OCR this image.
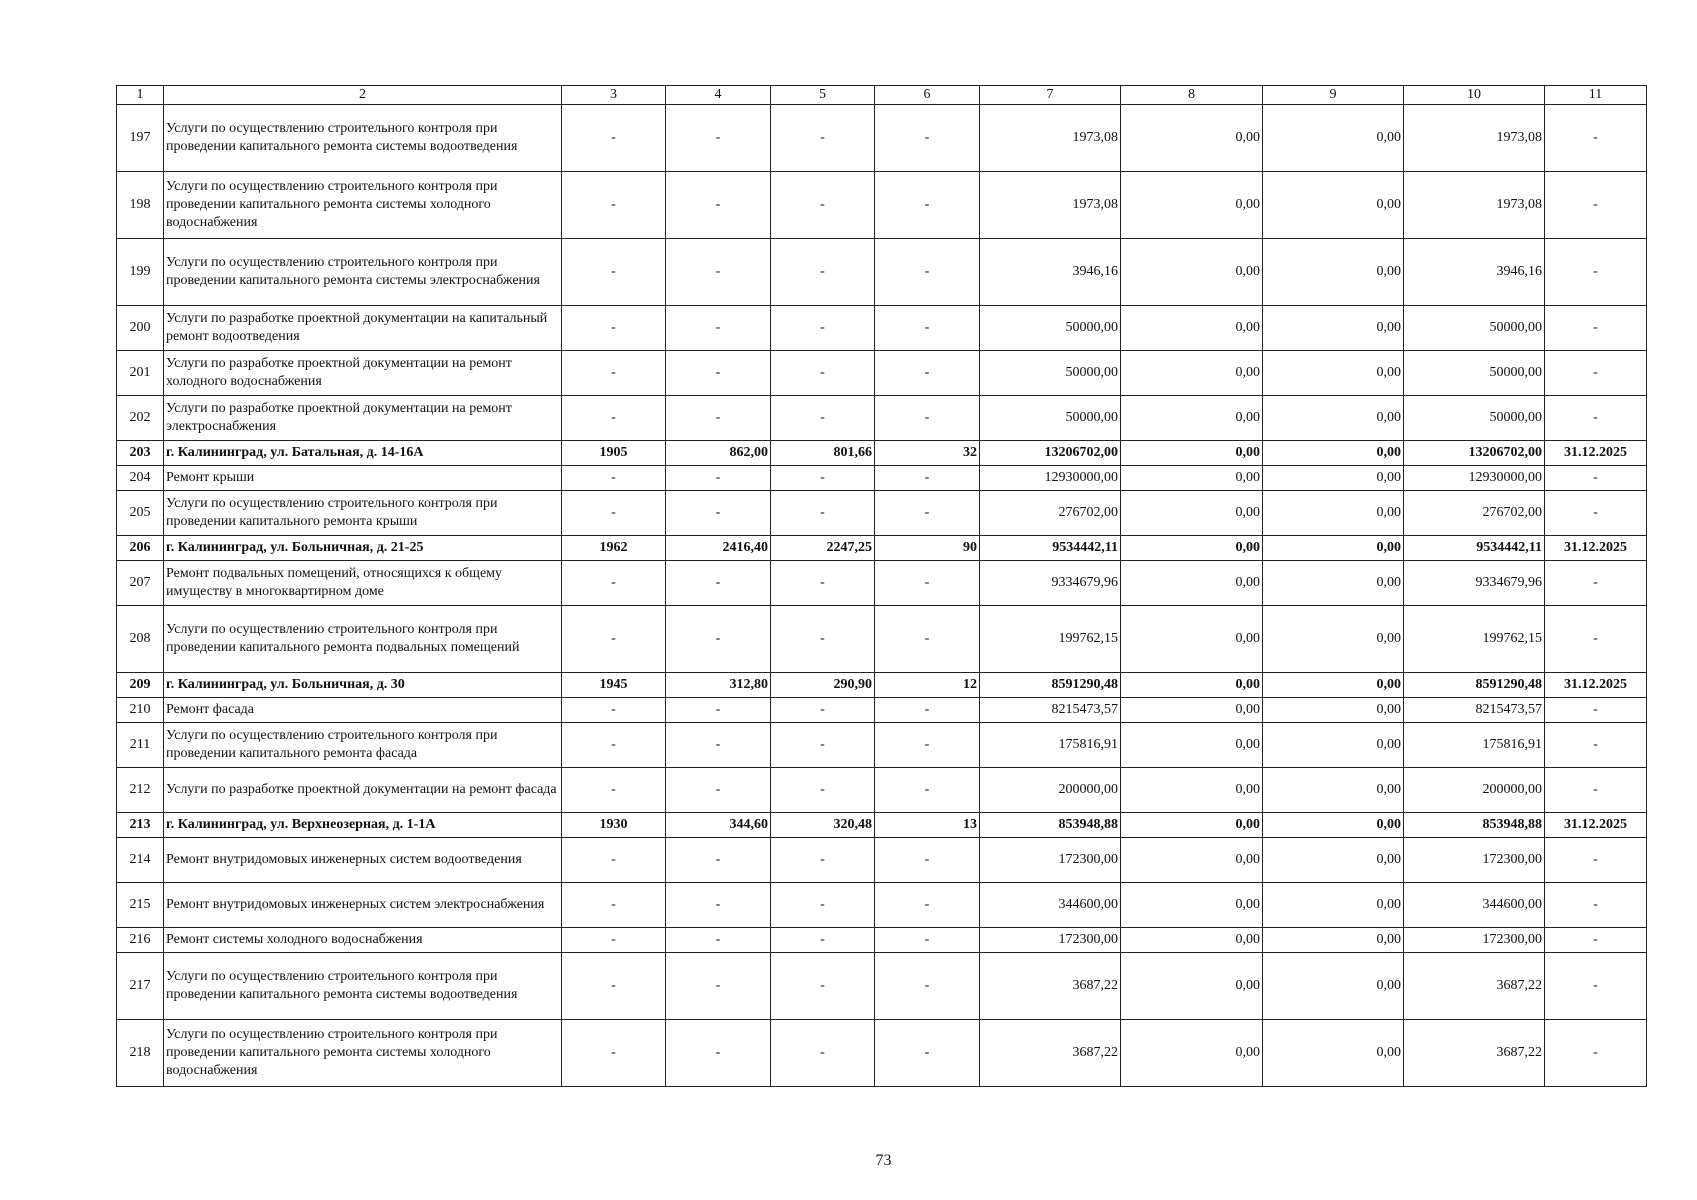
1	2	3	4	5	6	7	8	9	10	11
197	Услуги по осуществлению строительного контроля при проведении капитального ремонта системы водоотведения	-	-	-	-	1973,08	0,00	0,00	1973,08	-
198	Услуги по осуществлению строительного контроля при проведении капитального ремонта системы холодного водоснабжения	-	-	-	-	1973,08	0,00	0,00	1973,08	-
199	Услуги по осуществлению строительного контроля при проведении капитального ремонта системы электроснабжения	-	-	-	-	3946,16	0,00	0,00	3946,16	-
200	Услуги по разработке проектной документации на капитальный ремонт водоотведения	-	-	-	-	50000,00	0,00	0,00	50000,00	-
201	Услуги по разработке проектной документации на ремонт холодного водоснабжения	-	-	-	-	50000,00	0,00	0,00	50000,00	-
202	Услуги по разработке проектной документации на ремонт электроснабжения	-	-	-	-	50000,00	0,00	0,00	50000,00	-
203	г. Калининград, ул. Батальная, д. 14-16А	1905	862,00	801,66	32	13206702,00	0,00	0,00	13206702,00	31.12.2025
204	Ремонт крыши	-	-	-	-	12930000,00	0,00	0,00	12930000,00	-
205	Услуги по осуществлению строительного контроля при проведении капитального ремонта крыши	-	-	-	-	276702,00	0,00	0,00	276702,00	-
206	г. Калининград, ул. Больничная, д. 21-25	1962	2416,40	2247,25	90	9534442,11	0,00	0,00	9534442,11	31.12.2025
207	Ремонт подвальных помещений, относящихся к общему имуществу в многоквартирном доме	-	-	-	-	9334679,96	0,00	0,00	9334679,96	-
208	Услуги по осуществлению строительного контроля при проведении капитального ремонта подвальных помещений	-	-	-	-	199762,15	0,00	0,00	199762,15	-
209	г. Калининград, ул. Больничная, д. 30	1945	312,80	290,90	12	8591290,48	0,00	0,00	8591290,48	31.12.2025
210	Ремонт фасада	-	-	-	-	8215473,57	0,00	0,00	8215473,57	-
211	Услуги по осуществлению строительного контроля при проведении капитального ремонта фасада	-	-	-	-	175816,91	0,00	0,00	175816,91	-
212	Услуги по разработке проектной документации на ремонт фасада	-	-	-	-	200000,00	0,00	0,00	200000,00	-
213	г. Калининград, ул. Верхнеозерная, д. 1-1А	1930	344,60	320,48	13	853948,88	0,00	0,00	853948,88	31.12.2025
214	Ремонт внутридомовых инженерных систем водоотведения	-	-	-	-	172300,00	0,00	0,00	172300,00	-
215	Ремонт внутридомовых инженерных систем электроснабжения	-	-	-	-	344600,00	0,00	0,00	344600,00	-
216	Ремонт системы холодного водоснабжения	-	-	-	-	172300,00	0,00	0,00	172300,00	-
217	Услуги по осуществлению строительного контроля при проведении капитального ремонта системы водоотведения	-	-	-	-	3687,22	0,00	0,00	3687,22	-
218	Услуги по осуществлению строительного контроля при проведении капитального ремонта системы холодного водоснабжения	-	-	-	-	3687,22	0,00	0,00	3687,22	-
73
